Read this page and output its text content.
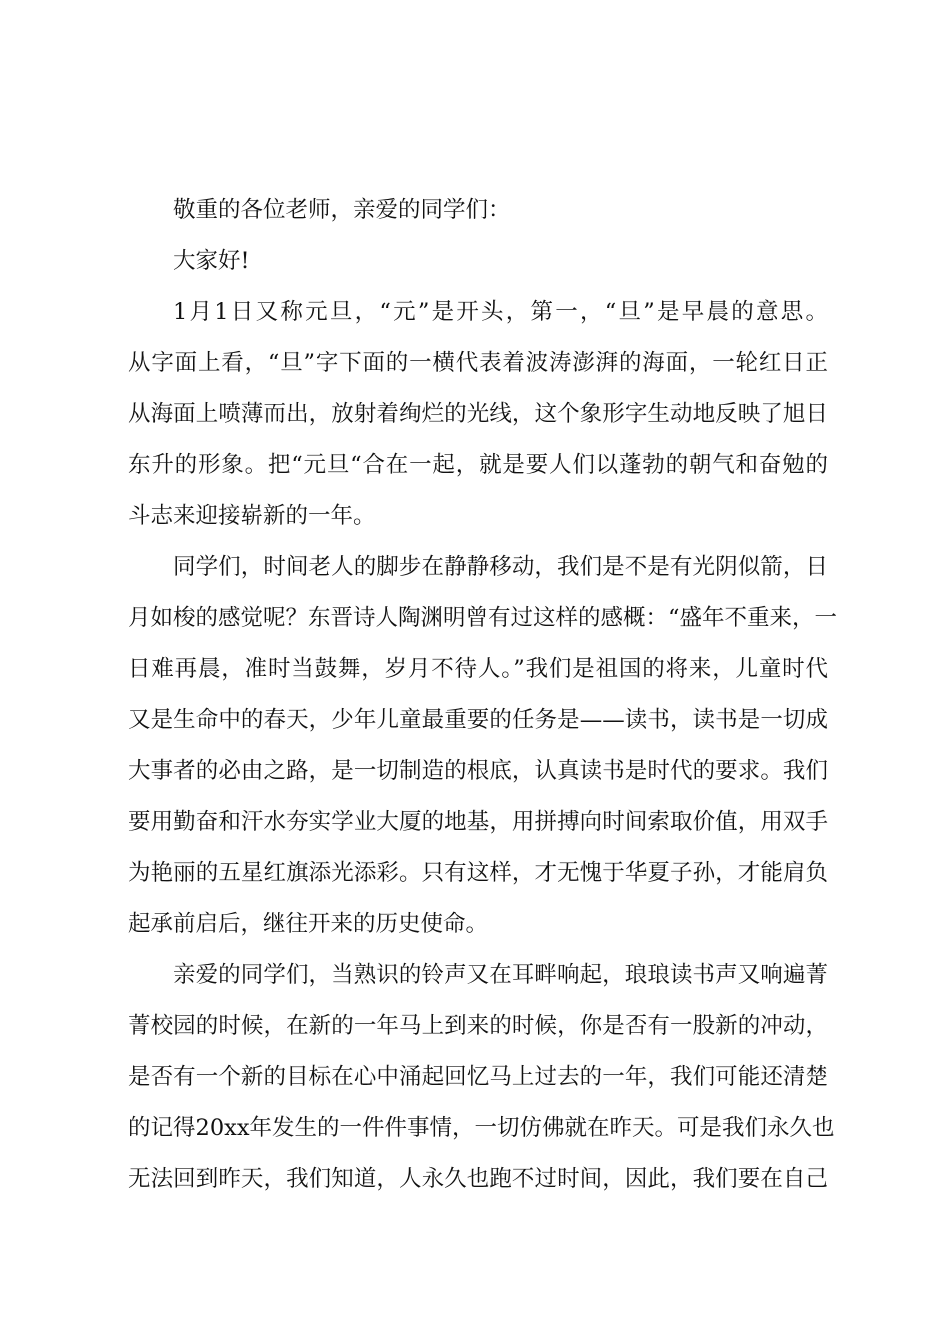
敬重的各位老师，亲爱的同学们：
大家好!
1月1日又称元旦，“元”是开头，第一，“旦”是早晨的意思。
从字面上看，“旦”字下面的一横代表着波涛澎湃的海面，一轮红日正
从海面上喷薄而出，放射着绚烂的光线，这个象形字生动地反映了旭日
东升的形象。把“元旦“合在一起，就是要人们以蓬勃的朝气和奋勉的
斗志来迎接崭新的一年。
同学们，时间老人的脚步在静静移动，我们是不是有光阴似箭，日
月如梭的感觉呢？东晋诗人陶渊明曾有过这样的感概：“盛年不重来，一
日难再晨，准时当鼓舞，岁月不待人。”我们是祖国的将来，儿童时代
又是生命中的春天，少年儿童最重要的任务是——读书，读书是一切成
大事者的必由之路，是一切制造的根底，认真读书是时代的要求。我们
要用勤奋和汗水夯实学业大厦的地基，用拼搏向时间索取价值，用双手
为艳丽的五星红旗添光添彩。只有这样，才无愧于华夏子孙，才能肩负
起承前启后，继往开来的历史使命。
亲爱的同学们，当熟识的铃声又在耳畔响起，琅琅读书声又响遍菁
菁校园的时候，在新的一年马上到来的时候，你是否有一股新的冲动，
是否有一个新的目标在心中涌起回忆马上过去的一年，我们可能还清楚
的记得20xx年发生的一件件事情，一切仿佛就在昨天。可是我们永久也
无法回到昨天，我们知道，人永久也跑不过时间，因此，我们要在自己
